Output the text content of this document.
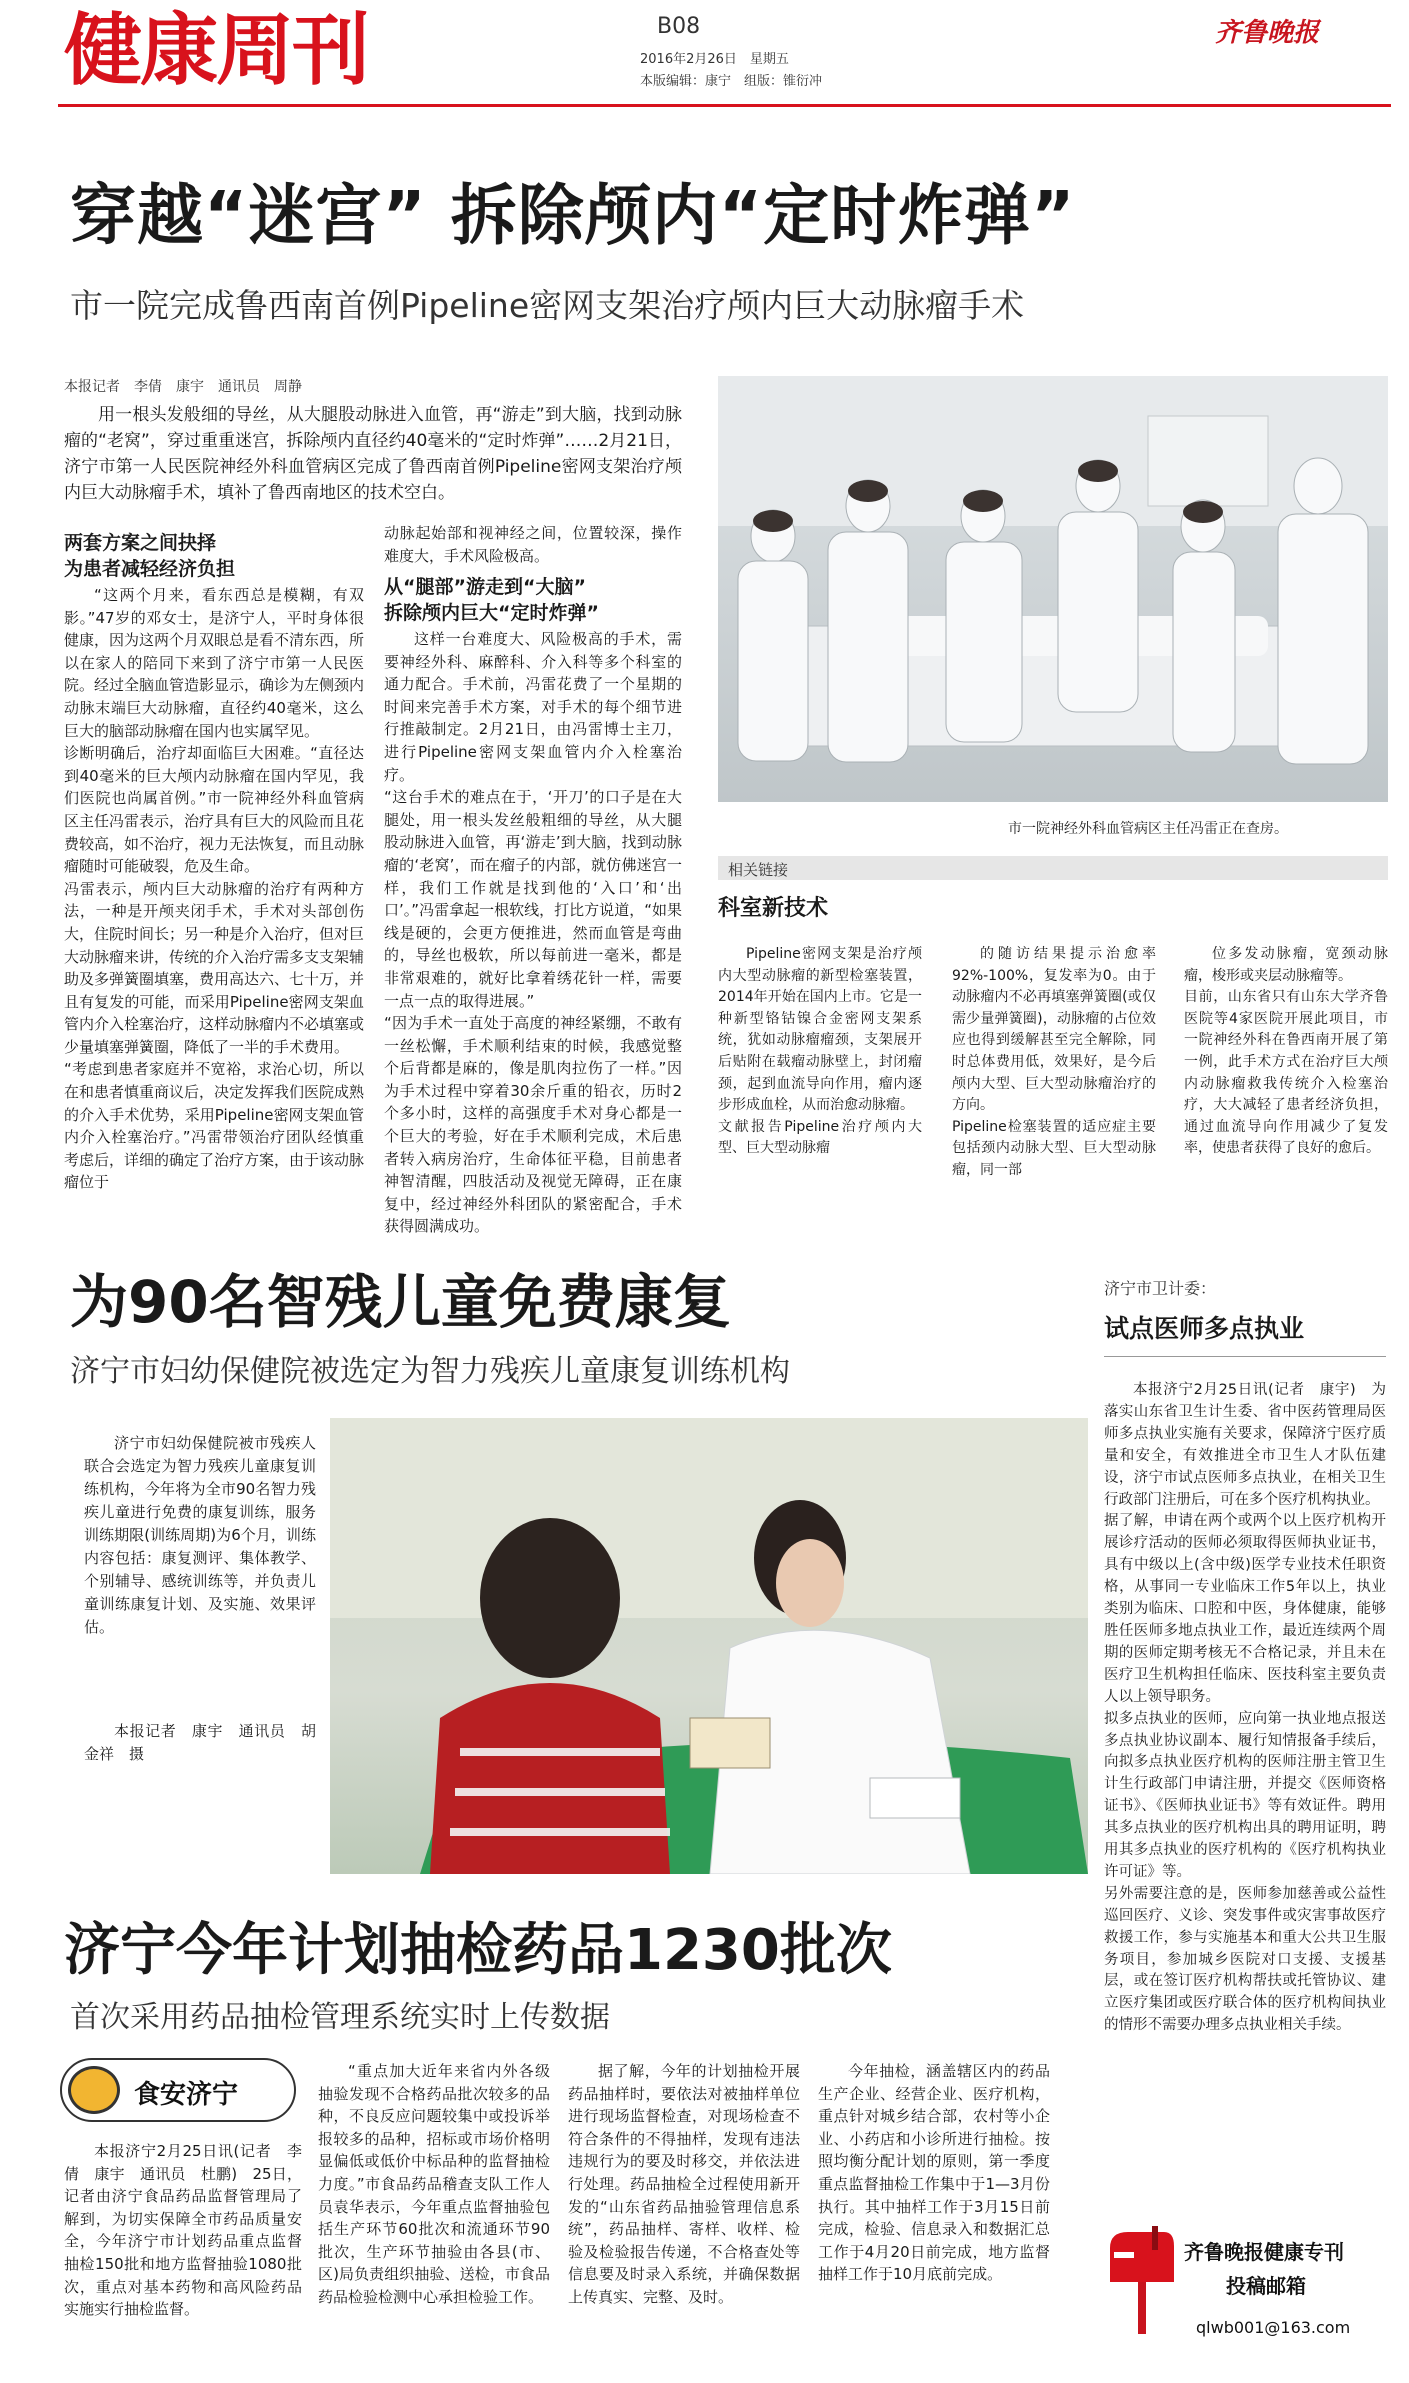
健康周刊	B08
2016年2月26日　星期五
本版编辑：康宁　组版：锥衍冲
齐鲁晚报
穿越“迷宫” 拆除颅内“定时炸弹”
市一院完成鲁西南首例Pipeline密网支架治疗颅内巨大动脉瘤手术
本报记者　李倩　康宇　通讯员　周静

用一根头发般细的导丝，从大腿股动脉进入血管，再“游走”到大脑，找到动脉瘤的“老窝”，穿过重重迷宫，拆除颅内直径约40毫米的“定时炸弹”……2月21日，济宁市第一人民医院神经外科血管病区完成了鲁西南首例Pipeline密网支架治疗颅内巨大动脉瘤手术，填补了鲁西南地区的技术空白。

两套方案之间抉择
为患者减轻经济负担
“这两个月来，看东西总是模糊，有双影。”47岁的邓女士，是济宁人，平时身体很健康，因为这两个月双眼总是看不清东西，所以在家人的陪同下来到了济宁市第一人民医院。经过全脑血管造影显示，确诊为左侧颈内动脉末端巨大动脉瘤，直径约40毫米，这么巨大的脑部动脉瘤在国内也实属罕见。
诊断明确后，治疗却面临巨大困难。“直径达到40毫米的巨大颅内动脉瘤在国内罕见，我们医院也尚属首例。”市一院神经外科血管病区主任冯雷表示，治疗具有巨大的风险而且花费较高，如不治疗，视力无法恢复，而且动脉瘤随时可能破裂，危及生命。
冯雷表示，颅内巨大动脉瘤的治疗有两种方法，一种是开颅夹闭手术，手术对头部创伤大，住院时间长；另一种是介入治疗，但对巨大动脉瘤来讲，传统的介入治疗需多支支架辅助及多弹簧圈填塞，费用高达六、七十万，并且有复发的可能，而采用Pipeline密网支架血管内介入栓塞治疗，这样动脉瘤内不必填塞或少量填塞弹簧圈，降低了一半的手术费用。
“考虑到患者家庭并不宽裕，求治心切，所以在和患者慎重商议后，决定发挥我们医院成熟的介入手术优势，采用Pipeline密网支架血管内介入栓塞治疗。”冯雷带领治疗团队经慎重考虑后，详细的确定了治疗方案，由于该动脉瘤位于
动脉起始部和视神经之间，位置较深，操作难度大，手术风险极高。
从“腿部”游走到“大脑”
拆除颅内巨大“定时炸弹”
这样一台难度大、风险极高的手术，需要神经外科、麻醉科、介入科等多个科室的通力配合。手术前，冯雷花费了一个星期的时间来完善手术方案，对手术的每个细节进行推敲制定。2月21日，由冯雷博士主刀，进行Pipeline密网支架血管内介入栓塞治疗。
“这台手术的难点在于，‘开刀’的口子是在大腿处，用一根头发丝般粗细的导丝，从大腿股动脉进入血管，再‘游走’到大脑，找到动脉瘤的‘老窝’，而在瘤子的内部，就仿佛迷宫一样，我们工作就是找到他的‘入口’和‘出口’。”冯雷拿起一根软线，打比方说道，“如果线是硬的，会更方便推进，然而血管是弯曲的，导丝也极软，所以每前进一毫米，都是非常艰难的，就好比拿着绣花针一样，需要一点一点的取得进展。”
“因为手术一直处于高度的神经紧绷，不敢有一丝松懈，手术顺利结束的时候，我感觉整个后背都是麻的，像是肌肉拉伤了一样。”因为手术过程中穿着30余斤重的铅衣，历时2个多小时，这样的高强度手术对身心都是一个巨大的考验，好在手术顺利完成，术后患者转入病房治疗，生命体征平稳，目前患者神智清醒，四肢活动及视觉无障碍，正在康复中，经过神经外科团队的紧密配合，手术获得圆满成功。
市一院神经外科血管病区主任冯雷正在查房。
相关链接
科室新技术
Pipeline密网支架是治疗颅内大型动脉瘤的新型检塞装置，2014年开始在国内上市。它是一种新型铬钴镍合金密网支架系统，犹如动脉瘤瘤颈，支架展开后贴附在载瘤动脉壁上，封闭瘤颈，起到血流导向作用，瘤内逐步形成血栓，从而治愈动脉瘤。
文献报告Pipeline治疗颅内大型、巨大型动脉瘤
的随访结果提示治愈率92%-100%，复发率为0。由于动脉瘤内不必再填塞弹簧圈(或仅需少量弹簧圈)，动脉瘤的占位效应也得到缓解甚至完全解除，同时总体费用低，效果好，是今后颅内大型、巨大型动脉瘤治疗的方向。
Pipeline检塞装置的适应症主要包括颈内动脉大型、巨大型动脉瘤，同一部
位多发动脉瘤，宽颈动脉瘤，梭形或夹层动脉瘤等。
目前，山东省只有山东大学齐鲁医院等4家医院开展此项目，市一院神经外科在鲁西南开展了第一例，此手术方式在治疗巨大颅内动脉瘤救我传统介入检塞治疗，大大减轻了患者经济负担，通过血流导向作用减少了复发率，使患者获得了良好的愈后。
为90名智残儿童免费康复
济宁市妇幼保健院被选定为智力残疾儿童康复训练机构

济宁市妇幼保健院被市残疾人联合会选定为智力残疾儿童康复训练机构，今年将为全市90名智力残疾儿童进行免费的康复训练，服务训练期限(训练周期)为6个月，训练内容包括：康复测评、集体教学、个别辅导、感统训练等，并负责儿童训练康复计划、及实施、效果评估。

本报记者　康宇　通讯员　胡金祥　摄
济宁市卫计委：
试点医师多点执业
本报济宁2月25日讯(记者　康宇)　为落实山东省卫生计生委、省中医药管理局医师多点执业实施有关要求，保障济宁医疗质量和安全，有效推进全市卫生人才队伍建设，济宁市试点医师多点执业，在相关卫生行政部门注册后，可在多个医疗机构执业。
据了解，申请在两个或两个以上医疗机构开展诊疗活动的医师必须取得医师执业证书，具有中级以上(含中级)医学专业技术任职资格，从事同一专业临床工作5年以上，执业类别为临床、口腔和中医，身体健康，能够胜任医师多地点执业工作，最近连续两个周期的医师定期考核无不合格记录，并且未在医疗卫生机构担任临床、医技科室主要负责人以上领导职务。
拟多点执业的医师，应向第一执业地点报送多点执业协议副本、履行知情报备手续后，向拟多点执业医疗机构的医师注册主管卫生计生行政部门申请注册，并提交《医师资格证书》、《医师执业证书》等有效证件。聘用其多点执业的医疗机构出具的聘用证明，聘用其多点执业的医疗机构的《医疗机构执业许可证》等。
另外需要注意的是，医师参加慈善或公益性巡回医疗、义诊、突发事件或灾害事故医疗救援工作，参与实施基本和重大公共卫生服务项目，参加城乡医院对口支援、支援基层，或在签订医疗机构帮扶或托管协议、建立医疗集团或医疗联合体的医疗机构间执业的情形不需要办理多点执业相关手续。
济宁今年计划抽检药品1230批次
首次采用药品抽检管理系统实时上传数据
食安济宁

本报济宁2月25日讯(记者　李倩　康宇　通讯员　杜鹏)　25日，记者由济宁食品药品监督管理局了解到，为切实保障全市药品质量安全，今年济宁市计划药品重点监督抽检150批和地方监督抽验1080批次，重点对基本药物和高风险药品实施实行抽检监督。

“重点加大近年来省内外各级抽验发现不合格药品批次较多的品种，不良反应问题较集中或投诉举报较多的品种，招标或市场价格明显偏低或低价中标品种的监督抽检力度。”市食品药品稽查支队工作人员袁华表示，今年重点监督抽验包括生产环节60批次和流通环节90批次，生产环节抽验由各县(市、区)局负责组织抽验、送检，市食品药品检验检测中心承担检验工作。

据了解，今年的计划抽检开展药品抽样时，要依法对被抽样单位进行现场监督检查，对现场检查不符合条件的不得抽样，发现有违法违规行为的要及时移交，并依法进行处理。药品抽检全过程使用新开发的“山东省药品抽验管理信息系统”，药品抽样、寄样、收样、检验及检验报告传递，不合格查处等信息要及时录入系统，并确保数据上传真实、完整、及时。

今年抽检，涵盖辖区内的药品生产企业、经营企业、医疗机构，重点针对城乡结合部，农村等小企业、小药店和小诊所进行抽检。按照均衡分配计划的原则，第一季度重点监督抽检工作集中于1—3月份执行。其中抽样工作于3月15日前完成，检验、信息录入和数据汇总工作于4月20日前完成，地方监督抽样工作于10月底前完成。

齐鲁晚报健康专刊
投稿邮箱
qlwb001@163.com
